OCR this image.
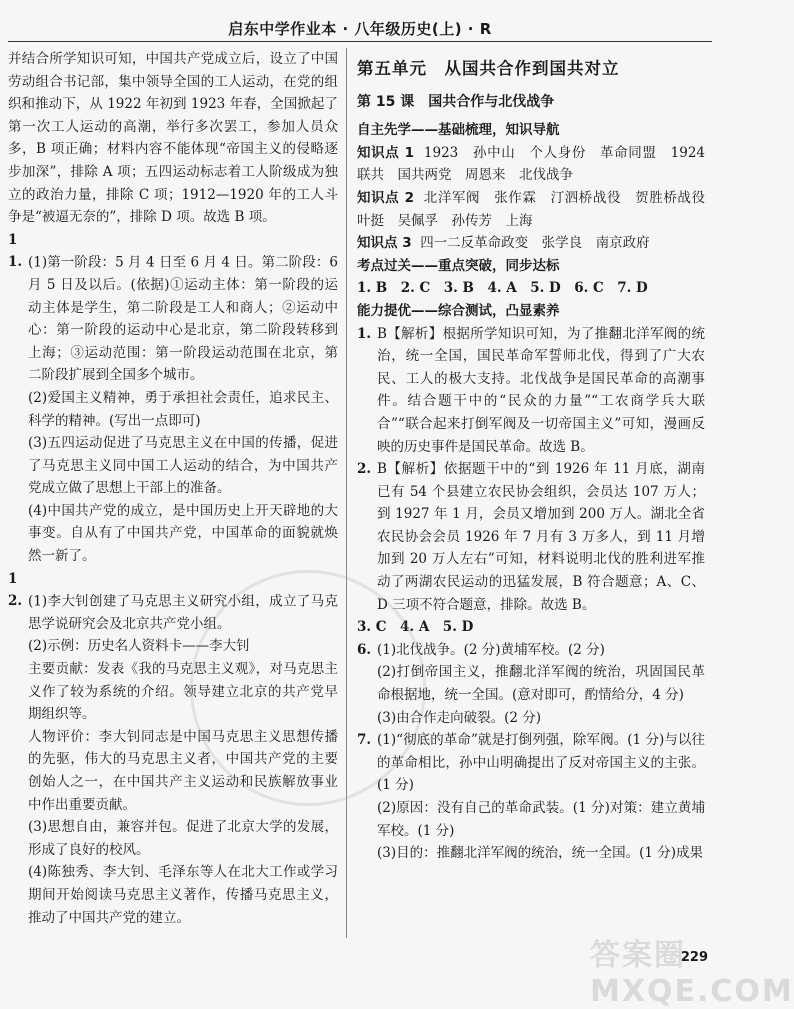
启东中学作业本 · 八年级历史(上) · R

并结合所学知识可知，中国共产党成立后，设立了中国劳动组合书记部，集中领导全国的工人运动，在党的组织和推动下，从 1922 年初到 1923 年春，全国掀起了第一次工人运动的高潮，举行多次罢工，参加人员众多，B 项正确；材料内容不能体现“帝国主义的侵略逐步加深”，排除 A 项；五四运动标志着工人阶级成为独立的政治力量，排除 C 项；1912—1920 年的工人斗争是“被逼无奈的”，排除 D 项。故选 B 项。

11. (1)第一阶段：5 月 4 日至 6 月 4 日。第二阶段：6 月 5 日及以后。(依据)①运动主体：第一阶段的运动主体是学生，第二阶段是工人和商人；②运动中心：第一阶段的运动中心是北京，第二阶段转移到上海；③运动范围：第一阶段运动范围在北京，第二阶段扩展到全国多个城市。

(2)爱国主义精神，勇于承担社会责任，追求民主、科学的精神。(写出一点即可)

(3)五四运动促进了马克思主义在中国的传播，促进了马克思主义同中国工人运动的结合，为中国共产党成立做了思想上干部上的准备。

(4)中国共产党的成立，是中国历史上开天辟地的大事变。自从有了中国共产党，中国革命的面貌就焕然一新了。

12. (1)李大钊创建了马克思主义研究小组，成立了马克思学说研究会及北京共产党小组。

(2)示例：历史名人资料卡——李大钊

主要贡献：发表《我的马克思主义观》，对马克思主义作了较为系统的介绍。领导建立北京的共产党早期组织等。

人物评价：李大钊同志是中国马克思主义思想传播的先驱，伟大的马克思主义者，中国共产党的主要创始人之一，在中国共产主义运动和民族解放事业中作出重要贡献。

(3)思想自由，兼容并包。促进了北京大学的发展，形成了良好的校风。

(4)陈独秀、李大钊、毛泽东等人在北大工作或学习期间开始阅读马克思主义著作，传播马克思主义，推动了中国共产党的建立。

第五单元　从国共合作到国共对立
第 15 课　国共合作与北伐战争

自主先学——基础梳理，知识导航

知识点 1 1923　孙中山　个人身份　革命同盟　1924　联共　国共两党　周恩来　北伐战争

知识点 2 北洋军阀　张作霖　汀泗桥战役　贺胜桥战役　叶挺　吴佩孚　孙传芳　上海

知识点 3 四一二反革命政变　张学良　南京政府

考点过关——重点突破，同步达标

1. B　2. C　3. B　4. A　5. D　6. C　7. D

能力提优——综合测试，凸显素养

1. B【解析】根据所学知识可知，为了推翻北洋军阀的统治，统一全国，国民革命军誓师北伐，得到了广大农民、工人的极大支持。北伐战争是国民革命的高潮事件。结合题干中的“民众的力量”“工农商学兵大联合”“联合起来打倒军阀及一切帝国主义”可知，漫画反映的历史事件是国民革命。故选 B。

2. B【解析】依据题干中的“到 1926 年 11 月底，湖南已有 54 个县建立农民协会组织，会员达 107 万人；到 1927 年 1 月，会员又增加到 200 万人。湖北全省农民协会会员 1926 年 7 月有 3 万多人，到 11 月增加到 20 万人左右”可知，材料说明北伐的胜利进军推动了两湖农民运动的迅猛发展，B 符合题意；A、C、D 三项不符合题意，排除。故选 B。

3. C　4. A　5. D

6. (1)北伐战争。(2 分)黄埔军校。(2 分)

(2)打倒帝国主义，推翻北洋军阀的统治，巩固国民革命根据地，统一全国。(意对即可，酌情给分，4 分)

(3)由合作走向破裂。(2 分)

7. (1)“彻底的革命”就是打倒列强，除军阀。(1 分)与以往的革命相比，孙中山明确提出了反对帝国主义的主张。(1 分)

(2)原因：没有自己的革命武装。(1 分)对策：建立黄埔军校。(1 分)

(3)目的：推翻北洋军阀的统治，统一全国。(1 分)成果

答案圈 MXQE.COM
229
